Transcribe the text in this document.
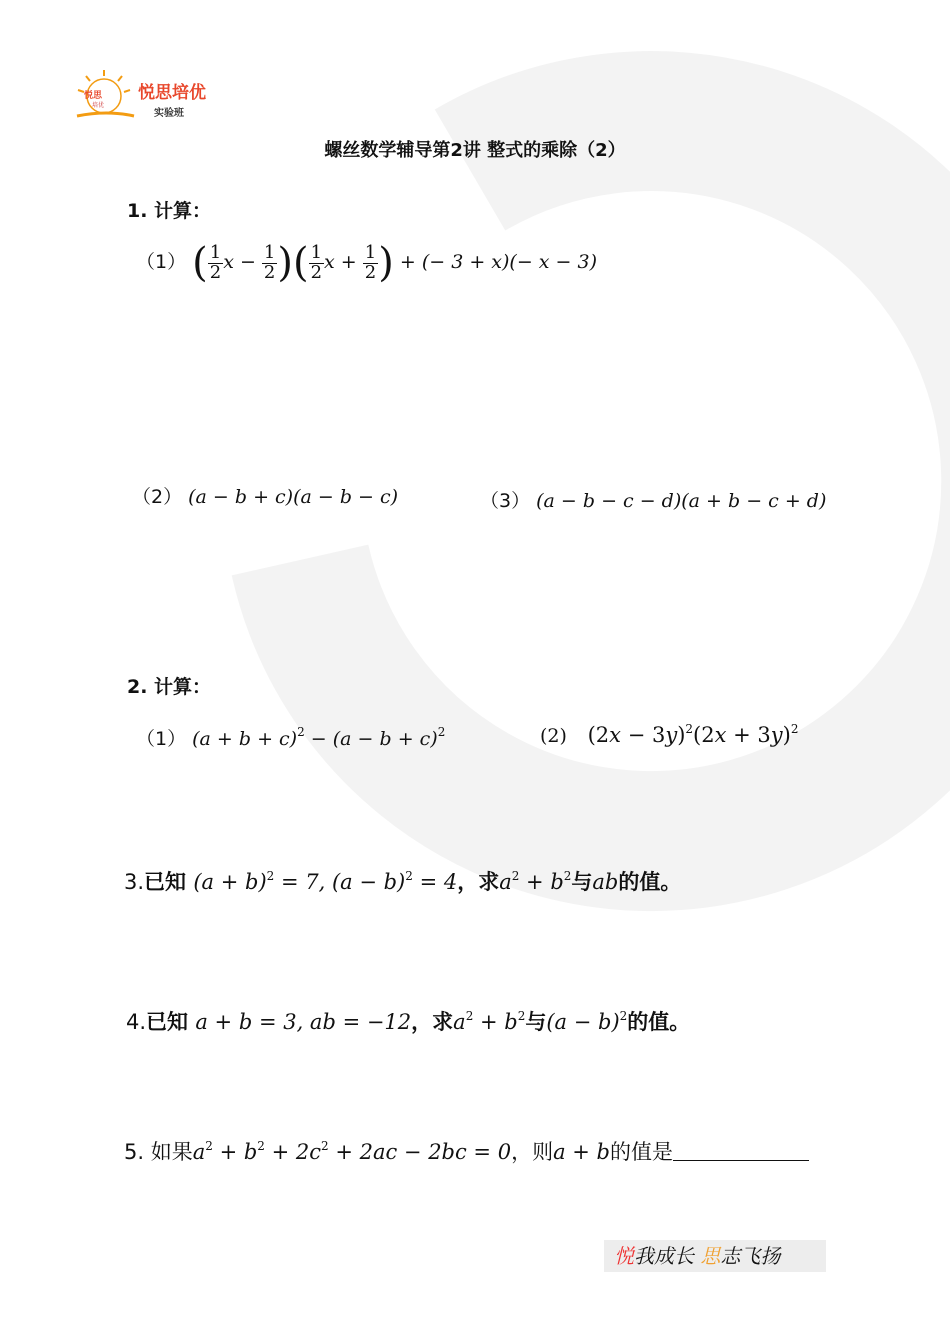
悦思
培优
悦思培优
实验班
螺丝数学辅导第2讲 整式的乘除（2）
1. 计算：
（1） ( $\frac{1}{2}$ $x - \frac{1}{2}$ )( $\frac{1}{2}$ $x + \frac{1}{2}$ ) + (− 3 + x)(− x − 3)
（2） (a − b + c)(a − b − c)	（3） (a − b − c − d)(a + b − c + d)
2. 计算：
（1） $(a + b + c)^2 - (a - b + c)^2$	(2) $(2x - 3y)^2(2x + 3y)^2$
3.已知 $(a + b)^2 = 7$, $(a - b)^2 = 4$，求$a^2 + b^2$与ab的值。
4.已知 a + b = 3, ab = −12，求$a^2 + b^2$与$(a - b)^2$的值。
5. 如果$a^2 + b^2 + 2c^2 + 2ac - 2bc = 0$，则a + b的值是
悦我成长 思志飞扬
